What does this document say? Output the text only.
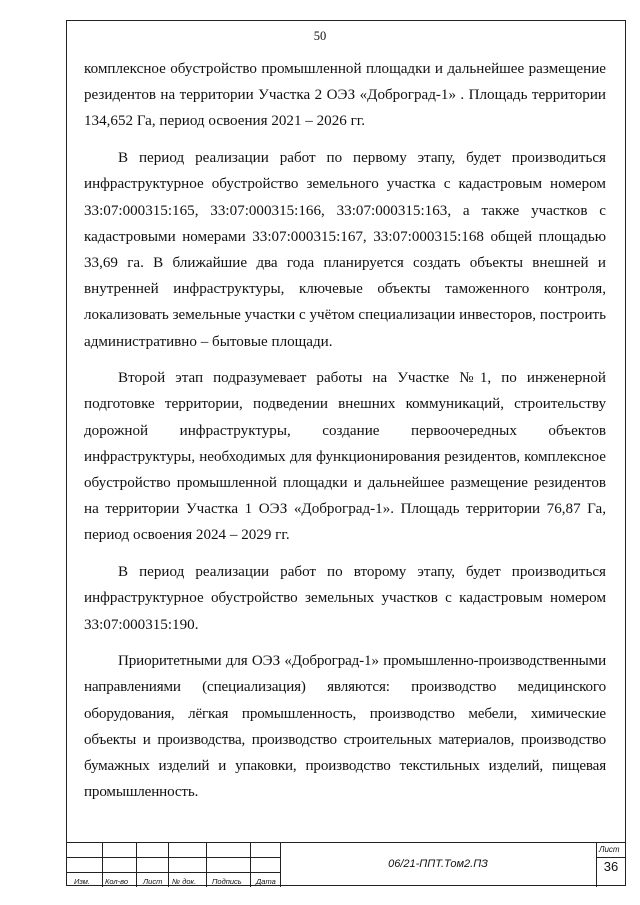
50

комплексное обустройство промышленной площадки и дальнейшее размещение резидентов на территории Участка 2 ОЭЗ «Доброград-1» . Площадь территории 134,652 Га, период освоения 2021 – 2026 гг.

В период реализации работ по первому этапу, будет производиться инфраструктурное обустройство земельного участка с кадастровым номером 33:07:000315:165, 33:07:000315:166, 33:07:000315:163, а также участков с кадастровыми номерами 33:07:000315:167, 33:07:000315:168 общей площадью 33,69 га. В ближайшие два года планируется создать объекты внешней и внутренней инфраструктуры, ключевые объекты таможенного контроля, локализовать земельные участки с учётом специализации инвесторов, построить административно – бытовые площади.

Второй этап подразумевает работы на Участке №1, по инженерной подготовке территории, подведении внешних коммуникаций, строительству дорожной инфраструктуры, создание первоочередных объектов инфраструктуры, необходимых для функционирования резидентов, комплексное обустройство промышленной площадки и дальнейшее размещение резидентов на территории Участка 1 ОЭЗ «Доброград-1». Площадь территории 76,87 Га, период освоения 2024 – 2029 гг.

В период реализации работ по второму этапу, будет производиться инфраструктурное обустройство земельных участков с кадастровым номером 33:07:000315:190.

Приоритетными для ОЭЗ «Доброград-1» промышленно-производственными направлениями (специализация) являются: производство медицинского оборудования, лёгкая промышленность, производство мебели, химические объекты и производства, производство строительных материалов, производство бумажных изделий и упаковки, производство текстильных изделий, пищевая промышленность.

Изм. Кол-во Лист № док. Подпись Дата
06/21-ППТ.Том2.ПЗ
Лист
36
